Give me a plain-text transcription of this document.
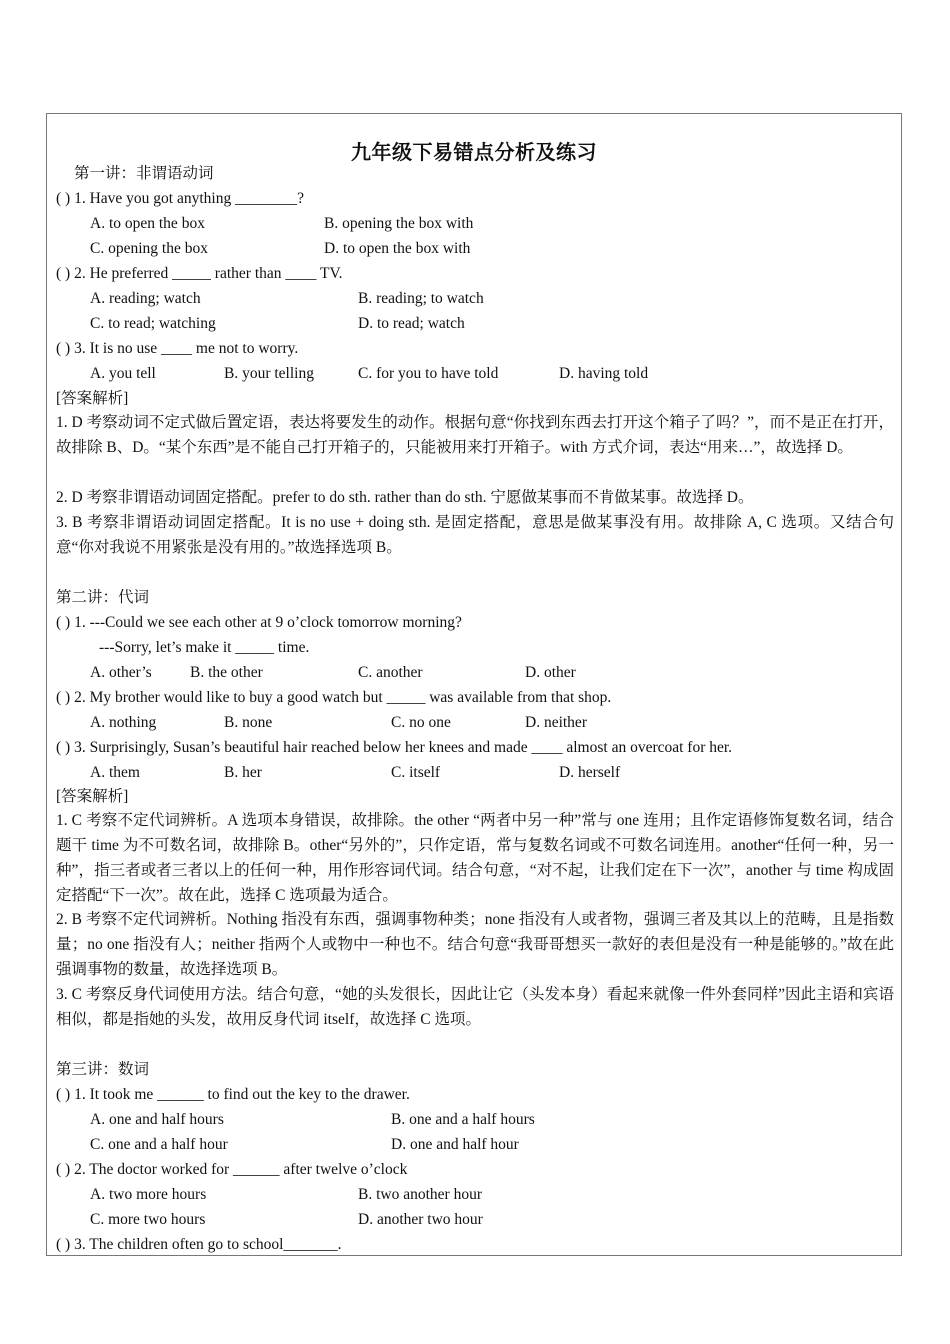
九年级下易错点分析及练习
第一讲：非谓语动词
( ) 1. Have you got anything ________?
A. to open the box	B. opening the box with
C. opening the box	D. to open the box with
( ) 2. He preferred _____ rather than ____ TV.
A. reading; watch	B. reading; to watch
C. to read; watching	D. to read; watch
( ) 3. It is no use ____ me not to worry.
A. you tell	B. your telling	C. for you to have told	D. having told
[答案解析]
1. D 考察动词不定式做后置定语，表达将要发生的动作。根据句意“你找到东西去打开这个箱子了吗？”，而不是正在打开，故排除 B、D。“某个东西”是不能自己打开箱子的，只能被用来打开箱子。with 方式介词，表达“用来…”，故选择 D。
2. D 考察非谓语动词固定搭配。prefer to do sth. rather than do sth. 宁愿做某事而不肯做某事。故选择 D。
3. B 考察非谓语动词固定搭配。It is no use + doing sth. 是固定搭配，意思是做某事没有用。故排除 A, C 选项。又结合句意“你对我说不用紧张是没有用的。”故选择选项 B。
第二讲：代词
( ) 1. ---Could we see each other at 9 o’clock tomorrow morning?
---Sorry, let’s make it _____ time.
A. other’s B. the other	C. another	D. other
( ) 2. My brother would like to buy a good watch but _____ was available from that shop.
A. nothing	B. none	C. no one	D. neither
( ) 3. Surprisingly, Susan’s beautiful hair reached below her knees and made ____ almost an overcoat for her.
A. them	B. her	C. itself	D. herself
[答案解析]
1. C 考察不定代词辨析。A 选项本身错误，故排除。the other “两者中另一种”常与 one 连用；且作定语修饰复数名词，结合题干 time 为不可数名词，故排除 B。other“另外的”，只作定语，常与复数名词或不可数名词连用。another“任何一种，另一种”，指三者或者三者以上的任何一种，用作形容词代词。结合句意，“对不起，让我们定在下一次”，another 与 time 构成固定搭配“下一次”。故在此，选择 C 选项最为适合。
2. B 考察不定代词辨析。Nothing 指没有东西，强调事物种类；none 指没有人或者物，强调三者及其以上的范畴，且是指数量；no one 指没有人；neither 指两个人或物中一种也不。结合句意“我哥哥想买一款好的表但是没有一种是能够的。”故在此强调事物的数量，故选择选项 B。
3. C 考察反身代词使用方法。结合句意，“她的头发很长，因此让它（头发本身）看起来就像一件外套同样”因此主语和宾语相似，都是指她的头发，故用反身代词 itself，故选择 C 选项。
第三讲：数词
( ) 1. It took me ______ to find out the key to the drawer.
A. one and half hours	B. one and a half hours
C. one and a half hour	D. one and half hour
( ) 2. The doctor worked for ______ after twelve o’clock
A. two more hours	B. two another hour
C. more two hours	D. another two hour
( ) 3. The children often go to school_______.
